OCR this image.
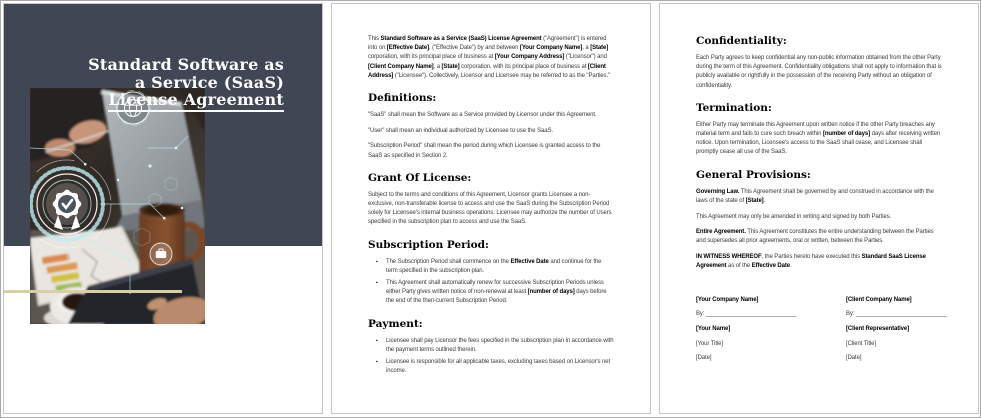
Standard Software as
a Service (SaaS)
License Agreement

This Standard Software as a Service (SaaS) License Agreement ("Agreement") is entered into on [Effective Date], ("Effective Date") by and between [Your Company Name], a [State] corporation, with its principal place of business at [Your Company Address] ("Licensor") and [Client Company Name], a [State] corporation, with its principal place of business at [Client Address] ("Licensee"). Collectively, Licensor and Licensee may be referred to as the "Parties."

Definitions:

"SaaS" shall mean the Software as a Service provided by Licensor under this Agreement.

"User" shall mean an individual authorized by Licensee to use the SaaS.

"Subscription Period" shall mean the period during which Licensee is granted access to the SaaS as specified in Section 2.

Grant Of License:

Subject to the terms and conditions of this Agreement, Licensor grants Licensee a non-exclusive, non-transferable license to access and use the SaaS during the Subscription Period solely for Licensee's internal business operations. Licensee may authorize the number of Users specified in the subscription plan to access and use the SaaS.

Subscription Period:
▪ The Subscription Period shall commence on the Effective Date and continue for the term specified in the subscription plan.
▪ This Agreement shall automatically renew for successive Subscription Periods unless either Party gives written notice of non-renewal at least [number of days] days before the end of the then-current Subscription Period.
Payment:
▪ Licensee shall pay Licensor the fees specified in the subscription plan in accordance with the payment terms outlined therein.
▪ Licensee is responsible for all applicable taxes, excluding taxes based on Licensor's net income.
Confidentiality:

Each Party agrees to keep confidential any non-public information obtained from the other Party during the term of this Agreement. Confidentiality obligations shall not apply to information that is publicly available or rightfully in the possession of the receiving Party without an obligation of confidentiality.

Termination:

Either Party may terminate this Agreement upon written notice if the other Party breaches any material term and fails to cure such breach within [number of days] days after receiving written notice. Upon termination, Licensee's access to the SaaS shall cease, and Licensee shall promptly cease all use of the SaaS.

General Provisions:

Governing Law. This Agreement shall be governed by and construed in accordance with the laws of the state of [State].

This Agreement may only be amended in writing and signed by both Parties.

Entire Agreement. This Agreement constitutes the entire understanding between the Parties and supersedes all prior agreements, oral or written, between the Parties.

IN WITNESS WHEREOF, the Parties hereto have executed this Standard SaaS License Agreement as of the Effective Date.

[Your Company Name]
By: ____________________________
[Your Name]
[Your Title]
[Date]
[Client Company Name]
By: ____________________________
[Client Representative]
[Client Title]
[Date]
